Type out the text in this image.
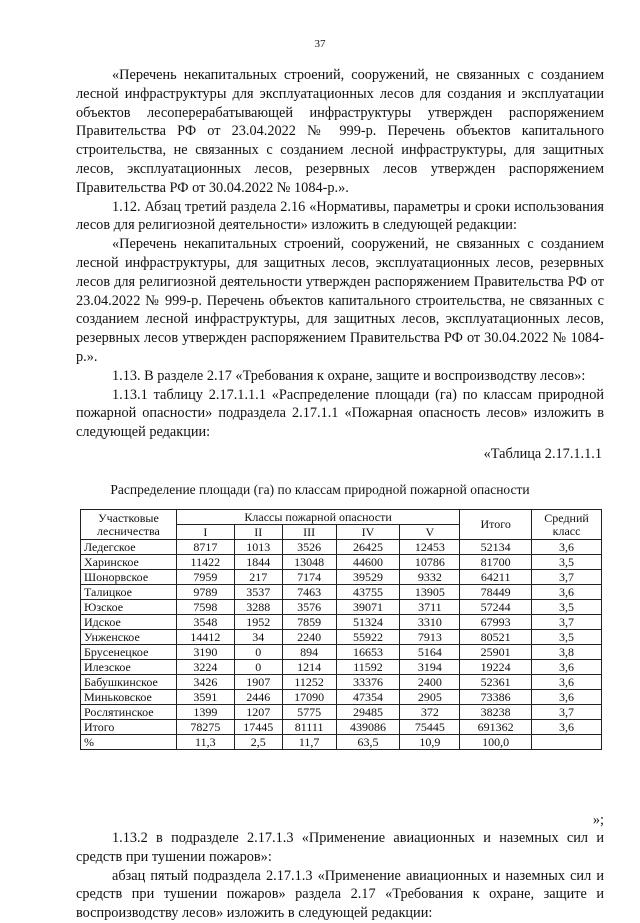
37

«Перечень некапитальных строений, сооружений, не связанных с созданием лесной инфраструктуры для эксплуатационных лесов для создания и эксплуатации объектов лесоперерабатывающей инфраструктуры утвержден распоряжением Правительства РФ от 23.04.2022 № 999-р. Перечень объектов капитального строительства, не связанных с созданием лесной инфраструктуры, для защитных лесов, эксплуатационных лесов, резервных лесов утвержден распоряжением Правительства РФ от 30.04.2022 № 1084-р.».

1.12. Абзац третий раздела 2.16 «Нормативы, параметры и сроки использования лесов для религиозной деятельности» изложить в следующей редакции:

«Перечень некапитальных строений, сооружений, не связанных с созданием лесной инфраструктуры, для защитных лесов, эксплуатационных лесов, резервных лесов для религиозной деятельности утвержден распоряжением Правительства РФ от 23.04.2022 № 999-р. Перечень объектов капитального строительства, не связанных с созданием лесной инфраструктуры, для защитных лесов, эксплуатационных лесов, резервных лесов утвержден распоряжением Правительства РФ от 30.04.2022 № 1084-р.».

1.13. В разделе 2.17 «Требования к охране, защите и воспроизводству лесов»:

1.13.1 таблицу 2.17.1.1.1 «Распределение площади (га) по классам природной пожарной опасности» подраздела 2.17.1.1 «Пожарная опасность лесов» изложить в следующей редакции:

«Таблица 2.17.1.1.1
Распределение площади (га) по классам природной пожарной опасности
Участковые лесничества	Классы пожарной опасности					Итого	Средний класс
	I	II	III	IV	V		
Ледегское	8717	1013	3526	26425	12453	52134	3,6
Харинское	11422	1844	13048	44600	10786	81700	3,5
Шонорвское	7959	217	7174	39529	9332	64211	3,7
Талицкое	9789	3537	7463	43755	13905	78449	3,6
Юзское	7598	3288	3576	39071	3711	57244	3,5
Идское	3548	1952	7859	51324	3310	67993	3,7
Унженское	14412	34	2240	55922	7913	80521	3,5
Брусенецкое	3190	0	894	16653	5164	25901	3,8
Илезское	3224	0	1214	11592	3194	19224	3,6
Бабушкинское	3426	1907	11252	33376	2400	52361	3,6
Миньковское	3591	2446	17090	47354	2905	73386	3,6
Рослятинское	1399	1207	5775	29485	372	38238	3,7
Итого	78275	17445	81111	439086	75445	691362	3,6
%	11,3	2,5	11,7	63,5	10,9	100,0	
»;

1.13.2 в подразделе 2.17.1.3 «Применение авиационных и наземных сил и средств при тушении пожаров»:

абзац пятый подраздела 2.17.1.3 «Применение авиационных и наземных сил и средств при тушении пожаров» раздела 2.17 «Требования к охране, защите и воспроизводству лесов» изложить в следующей редакции:
